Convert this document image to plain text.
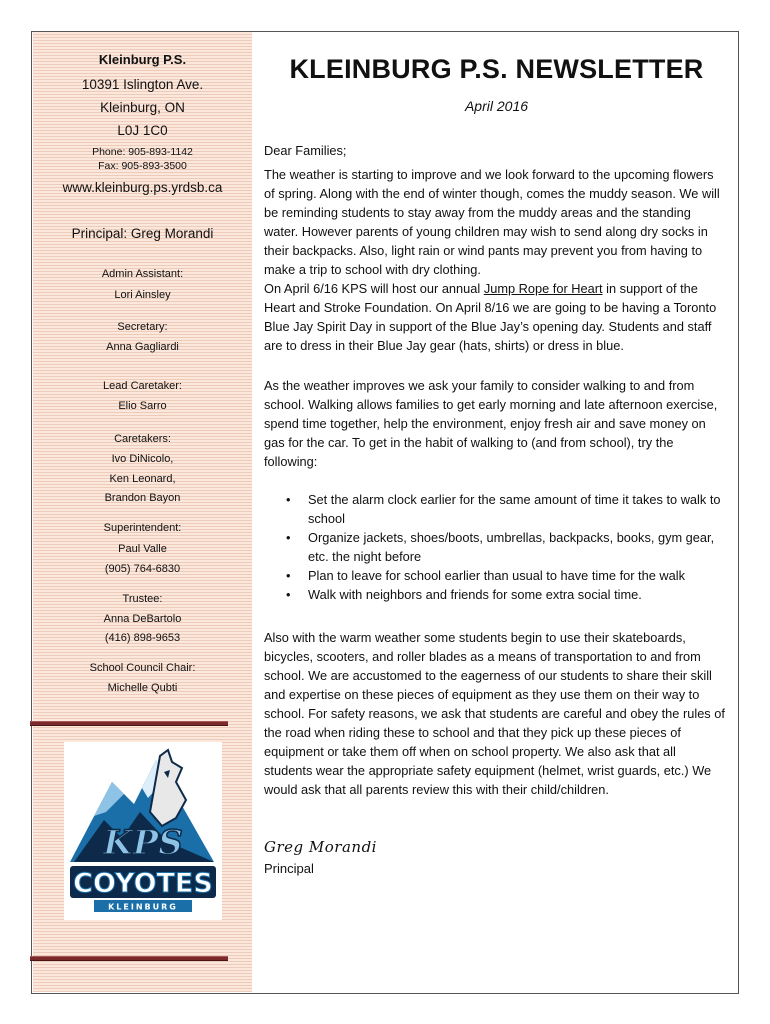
Kleinburg P.S.
10391 Islington Ave.
Kleinburg, ON
L0J 1C0
Phone: 905-893-1142
Fax: 905-893-3500
www.kleinburg.ps.yrdsb.ca
Principal: Greg Morandi
Admin Assistant:
Lori Ainsley
Secretary:
Anna Gagliardi
Lead Caretaker:
Elio Sarro
Caretakers:
Ivo DiNicolo,
Ken Leonard,
Brandon Bayon
Superintendent:
Paul Valle
(905) 764-6830
Trustee:
Anna DeBartolo
(416) 898-9653
School Council Chair:
Michelle Qubti
KPS
COYOTES
KLEINBURG
KLEINBURG P.S. NEWSLETTER
April 2016

Dear Families;

The weather is starting to improve and we look forward to the upcoming flowers of spring. Along with the end of winter though, comes the muddy season. We will be reminding students to stay away from the muddy areas and the standing water. However parents of young children may wish to send along dry socks in their backpacks. Also, light rain or wind pants may prevent you from having to make a trip to school with dry clothing.

On April 6/16 KPS will host our annual Jump Rope for Heart in support of the Heart and Stroke Foundation. On April 8/16 we are going to be having a Toronto Blue Jay Spirit Day in support of the Blue Jay’s opening day. Students and staff are to dress in their Blue Jay gear (hats, shirts) or dress in blue.

As the weather improves we ask your family to consider walking to and from school. Walking allows families to get early morning and late afternoon exercise, spend time together, help the environment, enjoy fresh air and save money on gas for the car. To get in the habit of walking to (and from school), try the following:

• Set the alarm clock earlier for the same amount of time it takes to walk to school
• Organize jackets, shoes/boots, umbrellas, backpacks, books, gym gear, etc. the night before
• Plan to leave for school earlier than usual to have time for the walk
• Walk with neighbors and friends for some extra social time.

Also with the warm weather some students begin to use their skateboards, bicycles, scooters, and roller blades as a means of transportation to and from school. We are accustomed to the eagerness of our students to share their skill and expertise on these pieces of equipment as they use them on their way to school. For safety reasons, we ask that students are careful and obey the rules of the road when riding these to school and that they pick up these pieces of equipment or take them off when on school property. We also ask that all students wear the appropriate safety equipment (helmet, wrist guards, etc.) We would ask that all parents review this with their child/children.

Greg Morandi
Principal
